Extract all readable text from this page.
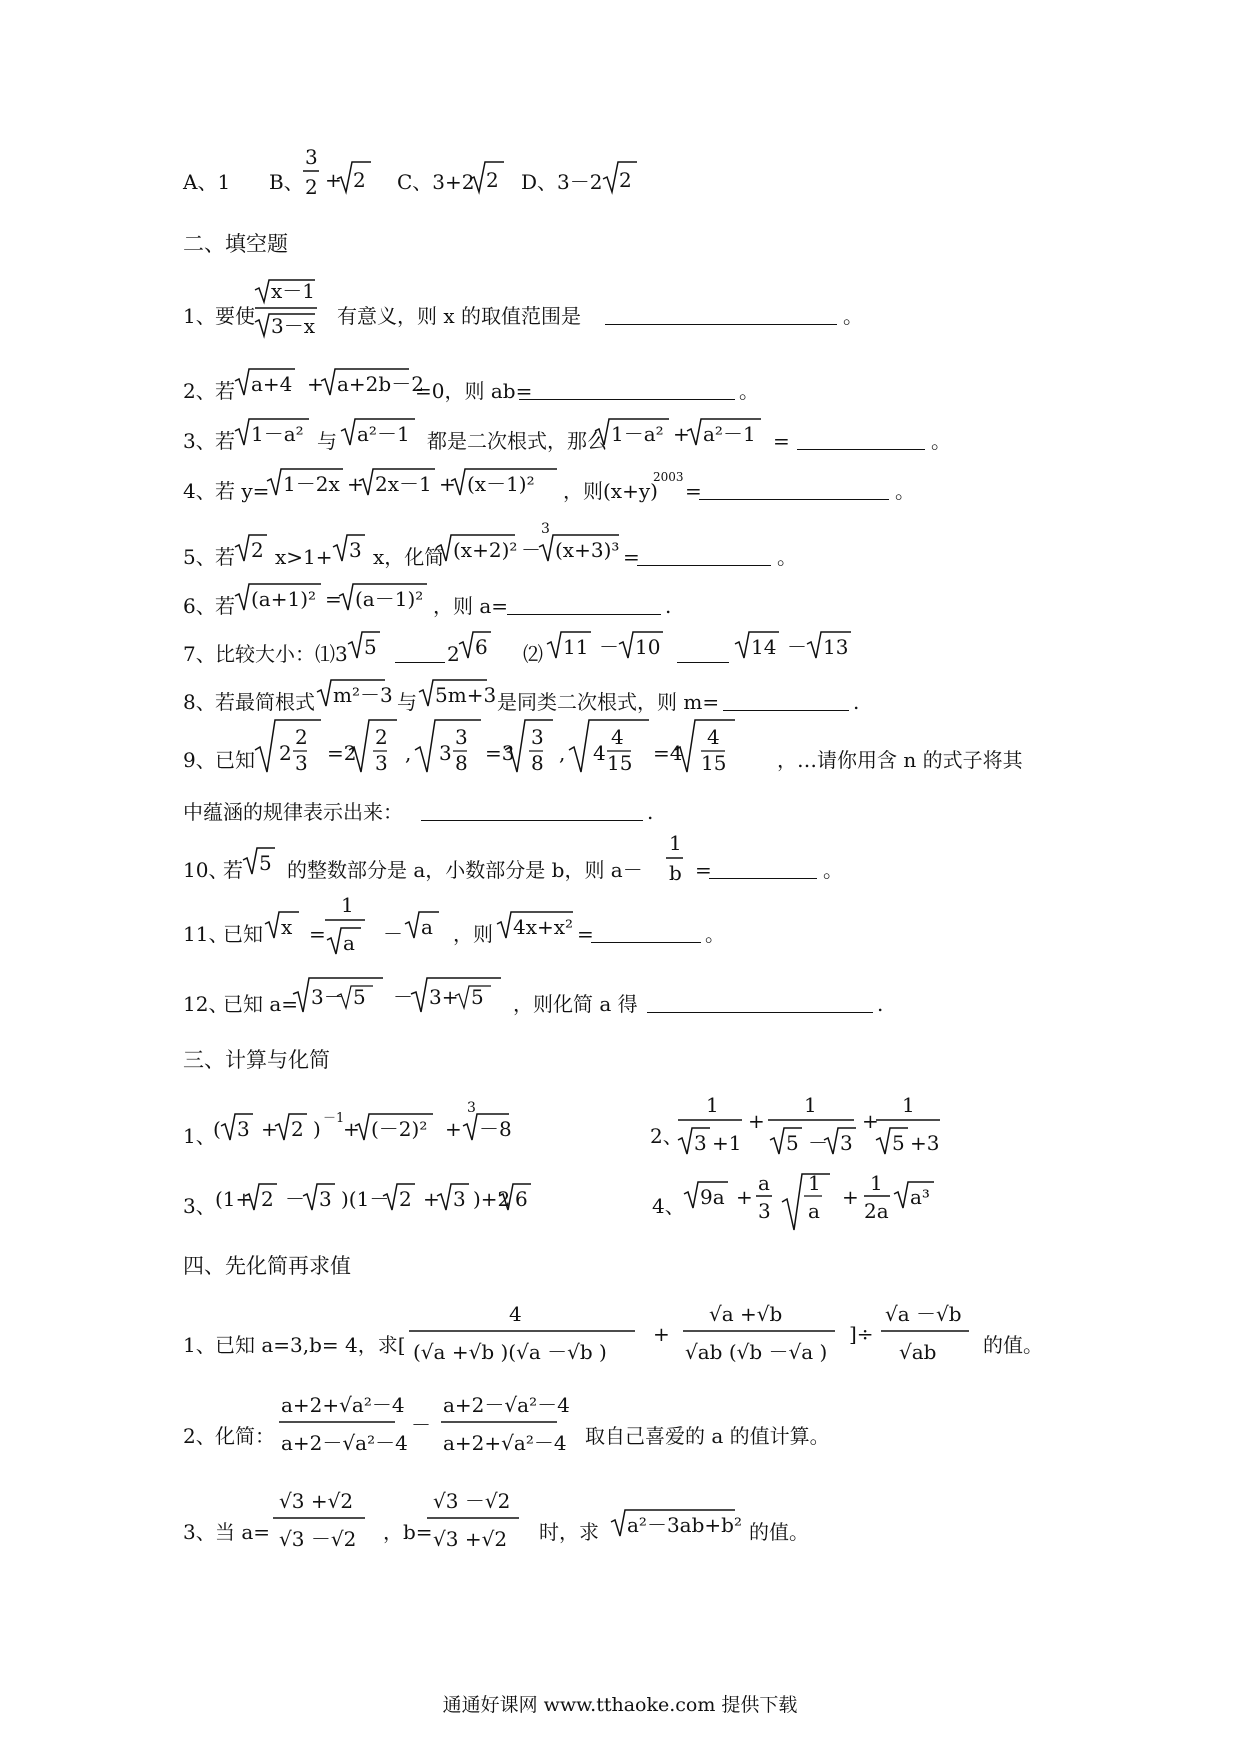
A、1 B、
3
2 + 2 C、3+2 2 D、3－2 2
二、填空题
1、 要使
x－1
3－x 有意义，则 x 的取值范围是	。
2、 若 a+4 + a+2b－2
=0，则 ab=	。
3、 若 1－a² 与 a²－1 都是二次根式，那么 1－a² + a²－1 =	。
4、 若 y= 1－2x + 2x－1 + (x－1)² ，则(x+y)
2003
=	。
5、 若 2 x>1+ 3 x，化简 (x+2)² －
3
(x+3)³ =	。
6、 若 (a+1)² = (a－1)² ，则 a=	.
7、 比较大小：⑴3 5	2 6 ⑵ 11 － 10	14 － 13
8、 若最简根式 m²－3 与 5m+3 是同类二次根式，则 m=	.
9、 已知 2
2
3 =2
2
3 , 3
3
8 =3
3
8 , 4
4
15 =4
4
15	，…请你用含 n 的式子将其
中蕴涵的规律表示出来：	.
10、
若 5 的整数部分是 a，小数部分是 b，则 a－
1
b =	。
11、
已知 x =
1
a － a ，则 4x+x² =	。
12、
已知 a= 3－ 5 － 3+ 5 ，则化简 a 得	.
三、计算与化简
1、
( 3 + 2 ) －1
+ (－2)² +
3
－8	2、
1
3 +1
+
1
5 － 3
+
1
5 +3
3、 (1+ 2 － 3 )(1－ 2 + 3 )+2 6	4、 9a +
a
3
1
a
+
1
2a
a³
四、先化简再求值
1、 已知 a=3,b= 4，求[
4
(√a +√b )(√a －√b )
+
√a +√b
√ab (√b －√a )
]÷
√a －√b
√ab 的值。
2、 化简：
a+2+√a²－4
a+2－√a²－4
－
a+2－√a²－4
a+2+√a²－4 取自己喜爱的 a 的值计算。
3、 当 a=
√3 +√2
√3 －√2 ，b=
√3 －√2
√3 +√2 时，求 a²－3ab+b² 的值。
通通好课网 www.tthaoke.com 提供下载
